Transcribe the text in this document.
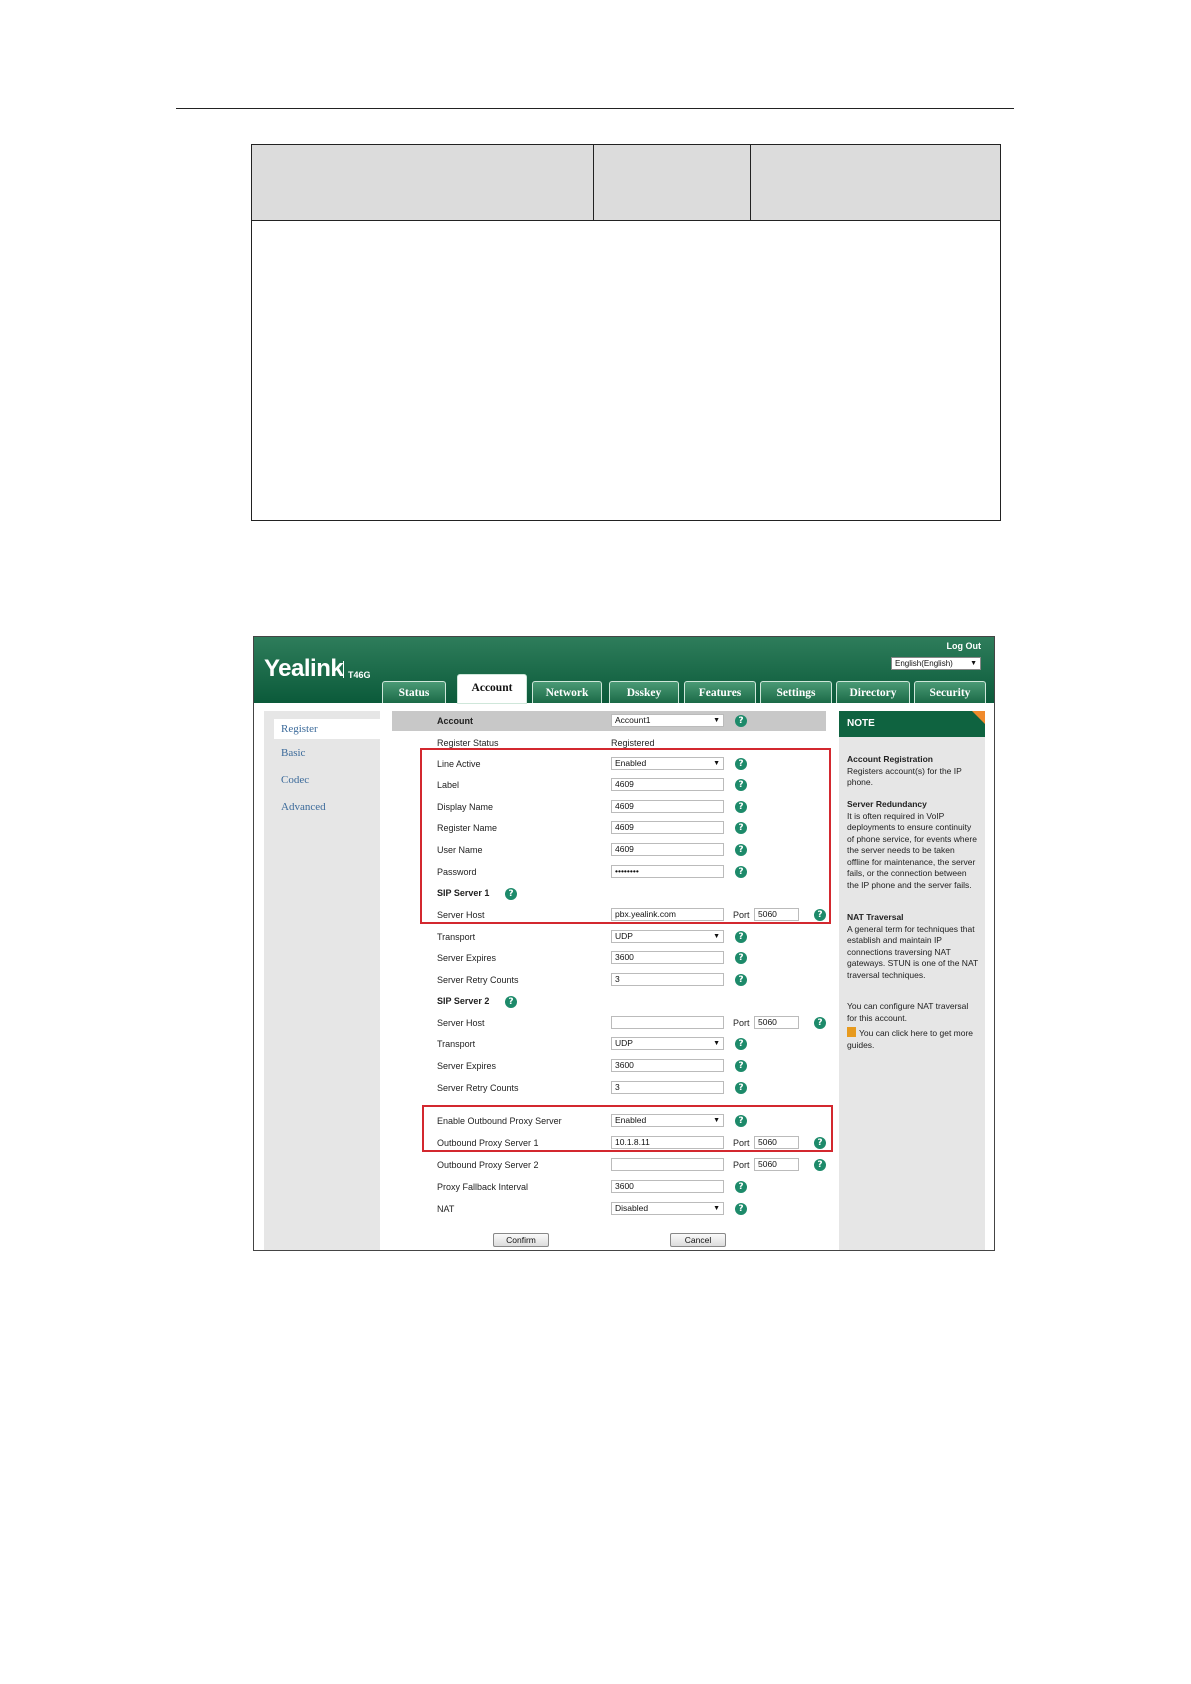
Yealink T46G
Log Out
English(English) ▼
Status	Account	Network	Dsskey	Features	Settings	Directory	Security
Register
Basic
Codec
Advanced
Account	Account1	▼	?
Register Status	Registered
Line Active	Enabled	▼	?
Label	4609	?
Display Name	4609	?
Register Name	4609	?
User Name	4609	?
Password	••••••••	?
SIP Server 1	?
Server Host	pbx.yealink.com	Port 5060	?
Transport	UDP	▼	?
Server Expires	3600	?
Server Retry Counts	3	?
SIP Server 2	?
Server Host	Port 5060	?
Transport	UDP	▼	?
Server Expires	3600	?
Server Retry Counts	3	?
Enable Outbound Proxy Server	Enabled	▼	?
Outbound Proxy Server 1	10.1.8.11	Port 5060	?
Outbound Proxy Server 2	Port 5060	?
Proxy Fallback Interval	3600	?
NAT	Disabled	▼	?
Confirm	Cancel
NOTE
Account Registration
Registers account(s) for the IP phone.
Server Redundancy
It is often required in VoIP deployments to ensure continuity of phone service, for events where the server needs to be taken offline for maintenance, the server fails, or the connection between the IP phone and the server fails.
NAT Traversal
A general term for techniques that establish and maintain IP connections traversing NAT gateways. STUN is one of the NAT traversal techniques.
You can configure NAT traversal for this account.
You can click here to get more guides.
